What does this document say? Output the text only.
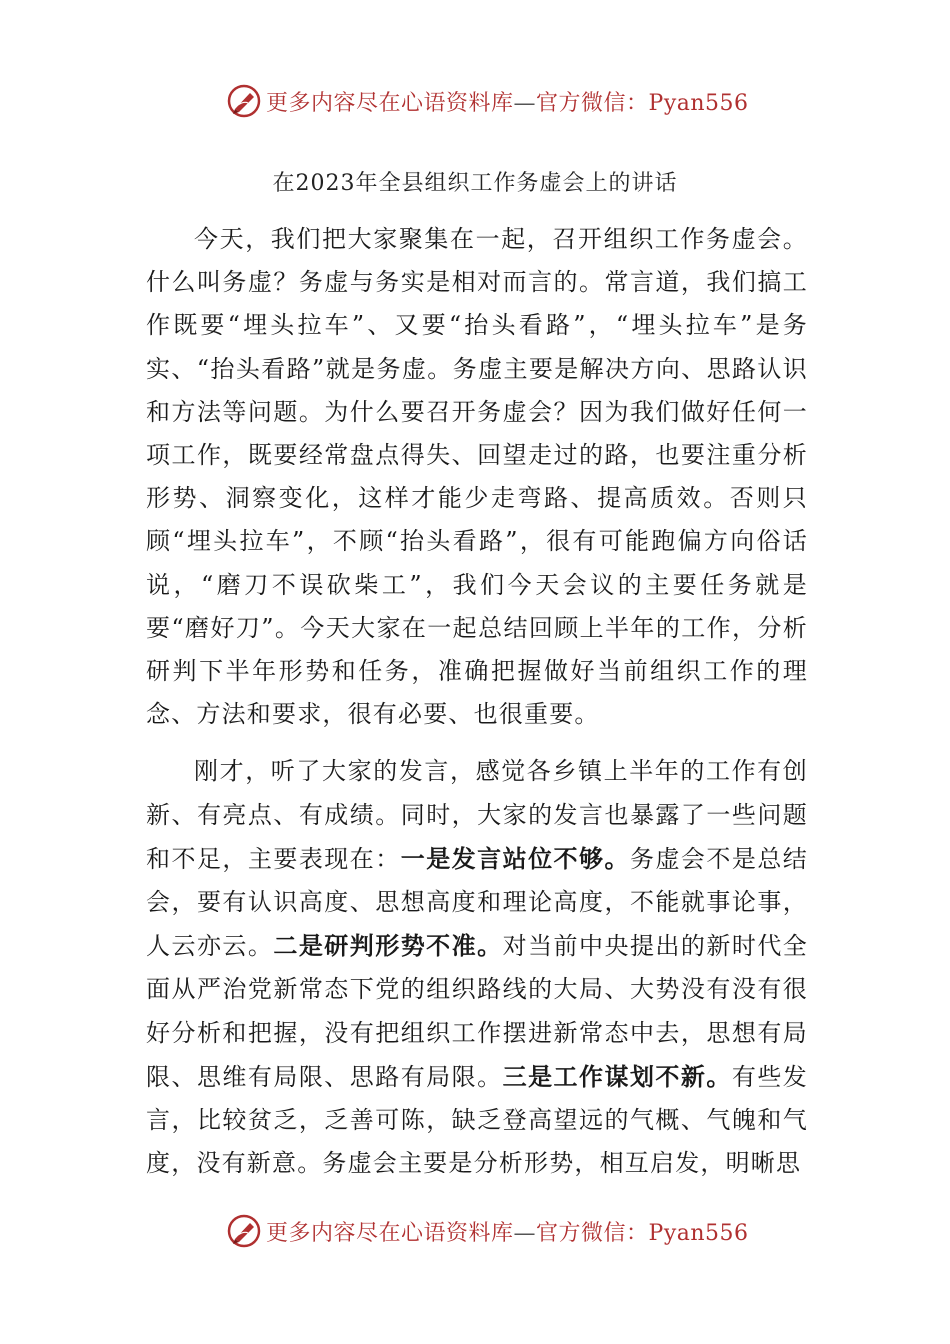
更多内容尽在心语资料库—官方微信：Pyan556
在2023年全县组织工作务虚会上的讲话

今天，我们把大家聚集在一起，召开组织工作务虚会。什么叫务虚？务虚与务实是相对而言的。常言道，我们搞工作既要“埋头拉车”、又要“抬头看路”，“埋头拉车”是务实、“抬头看路”就是务虚。务虚主要是解决方向、思路认识和方法等问题。为什么要召开务虚会？因为我们做好任何一项工作，既要经常盘点得失、回望走过的路，也要注重分析形势、洞察变化，这样才能少走弯路、提高质效。否则只顾“埋头拉车”，不顾“抬头看路”，很有可能跑偏方向俗话说，“磨刀不误砍柴工”，我们今天会议的主要任务就是要“磨好刀”。今天大家在一起总结回顾上半年的工作，分析研判下半年形势和任务，准确把握做好当前组织工作的理念、方法和要求，很有必要、也很重要。

刚才，听了大家的发言，感觉各乡镇上半年的工作有创新、有亮点、有成绩。同时，大家的发言也暴露了一些问题和不足，主要表现在：一是发言站位不够。务虚会不是总结会，要有认识高度、思想高度和理论高度，不能就事论事，人云亦云。二是研判形势不准。对当前中央提出的新时代全面从严治党新常态下党的组织路线的大局、大势没有没有很好分析和把握，没有把组织工作摆进新常态中去，思想有局限、思维有局限、思路有局限。三是工作谋划不新。有些发言，比较贫乏，乏善可陈，缺乏登高望远的气概、气魄和气度，没有新意。务虚会主要是分析形势，相互启发，明晰思

更多内容尽在心语资料库—官方微信：Pyan556
